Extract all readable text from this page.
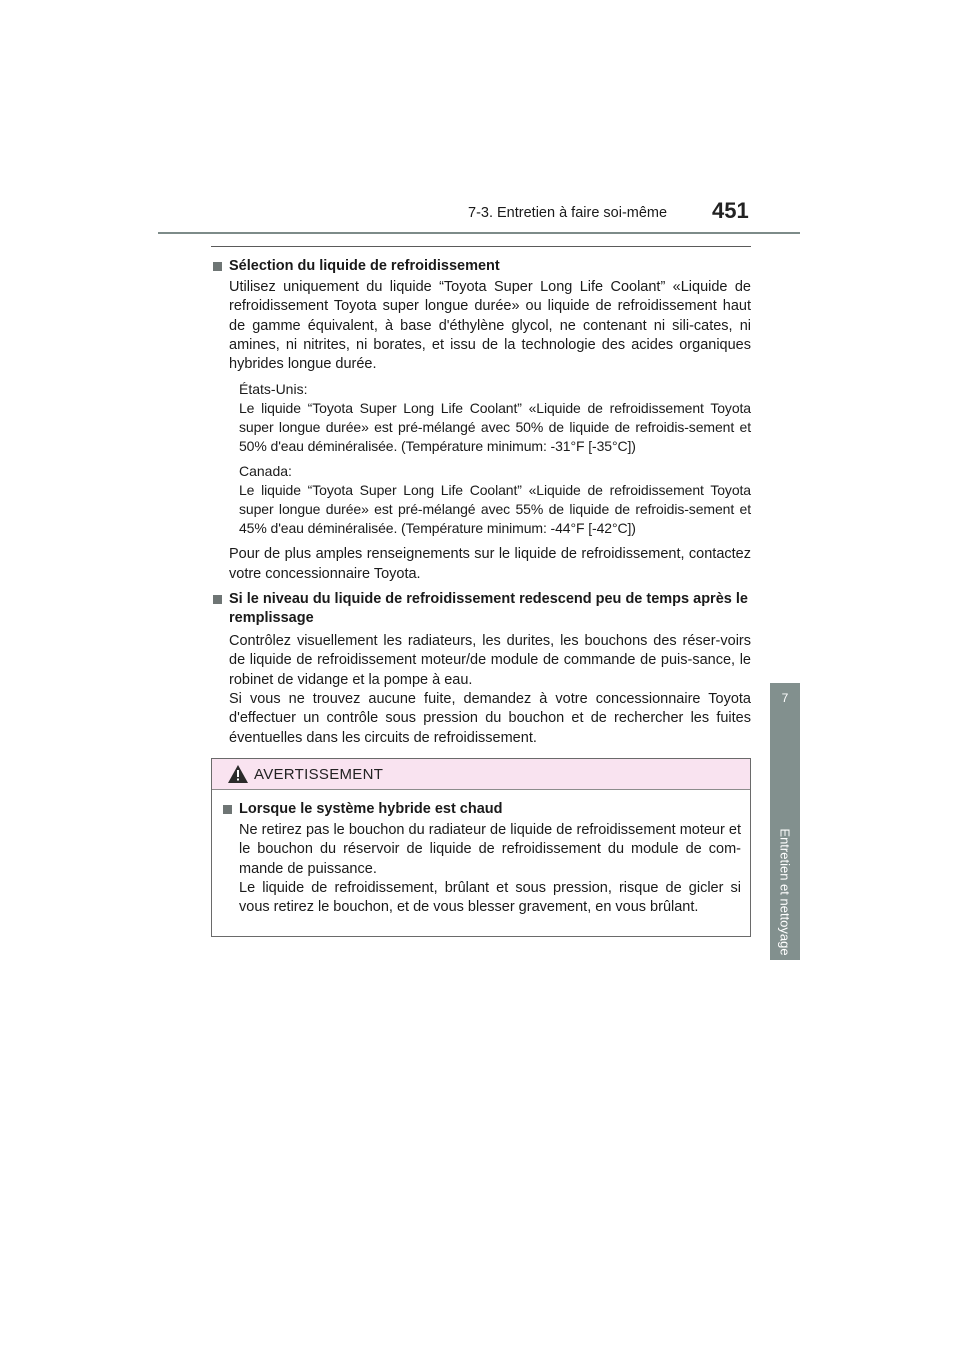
7-3. Entretien à faire soi-même 451
7
Entretien et nettoyage
Sélection du liquide de refroidissement
Utilisez uniquement du liquide “Toyota Super Long Life Coolant” «Liquide de refroidissement Toyota super longue durée» ou liquide de refroidissement haut de gamme équivalent, à base d'éthylène glycol, ne contenant ni sili-cates, ni amines, ni nitrites, ni borates, et issu de la technologie des acides organiques hybrides longue durée.
États-Unis:
Le liquide “Toyota Super Long Life Coolant” «Liquide de refroidissement Toyota super longue durée» est pré-mélangé avec 50% de liquide de refroidis-sement et 50% d'eau déminéralisée. (Température minimum: -31°F [-35°C])
Canada:
Le liquide “Toyota Super Long Life Coolant” «Liquide de refroidissement Toyota super longue durée» est pré-mélangé avec 55% de liquide de refroidis-sement et 45% d'eau déminéralisée. (Température minimum: -44°F [-42°C])
Pour de plus amples renseignements sur le liquide de refroidissement, contactez votre concessionnaire Toyota.
Si le niveau du liquide de refroidissement redescend peu de temps après le remplissage
Contrôlez visuellement les radiateurs, les durites, les bouchons des réser-voirs de liquide de refroidissement moteur/de module de commande de puis-sance, le robinet de vidange et la pompe à eau.
Si vous ne trouvez aucune fuite, demandez à votre concessionnaire Toyota d'effectuer un contrôle sous pression du bouchon et de rechercher les fuites éventuelles dans les circuits de refroidissement.
AVERTISSEMENT
Lorsque le système hybride est chaud
Ne retirez pas le bouchon du radiateur de liquide de refroidissement moteur et le bouchon du réservoir de liquide de refroidissement du module de com-mande de puissance.
Le liquide de refroidissement, brûlant et sous pression, risque de gicler si vous retirez le bouchon, et de vous blesser gravement, en vous brûlant.
